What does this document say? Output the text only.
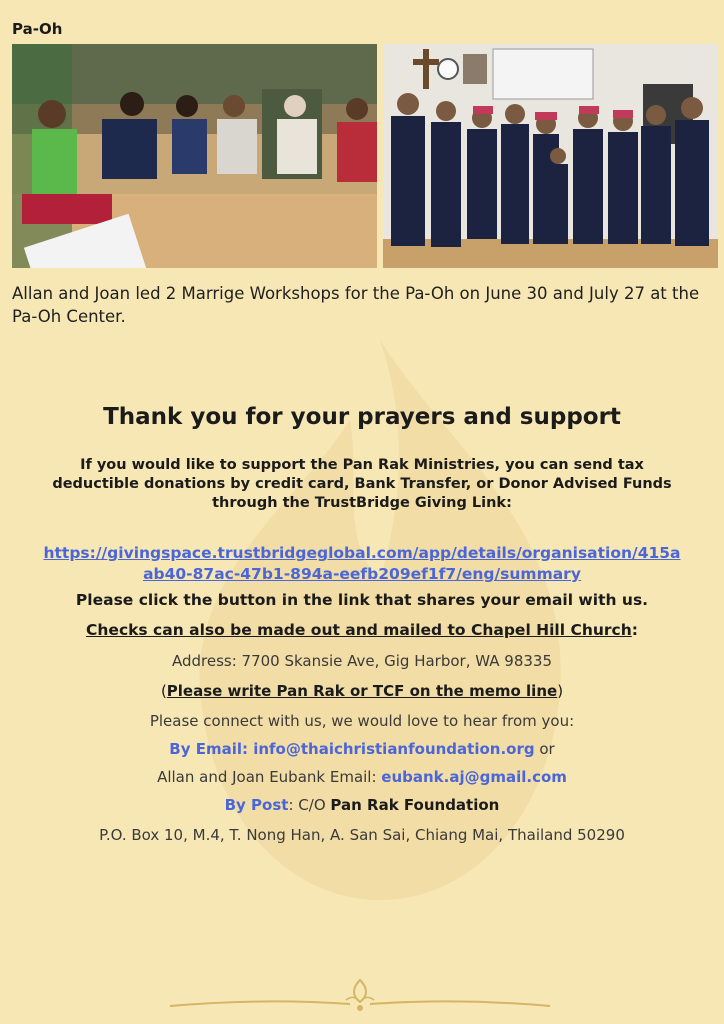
Pa-Oh

Allan and Joan led 2 Marrige Workshops for the Pa-Oh on June 30 and July 27 at the Pa-Oh Center.

Thank you for your prayers and support

If you would like to support the Pan Rak Ministries, you can send tax deductible donations by credit card, Bank Transfer, or Donor Advised Funds
through the TrustBridge Giving Link:

https://givingspace.trustbridgeglobal.com/app/details/organisation/415aab40-87ac-47b1-894a-eefb209ef1f7/eng/summary

Please click the button in the link that shares your email with us.

Checks can also be made out and mailed to Chapel Hill Church:

Address: 7700 Skansie Ave, Gig Harbor, WA 98335

(Please write Pan Rak or TCF on the memo line)

Please connect with us, we would love to hear from you:

By Email: info@thaichristianfoundation.org or

Allan and Joan Eubank Email: eubank.aj@gmail.com

By Post: C/O Pan Rak Foundation

P.O. Box 10, M.4, T. Nong Han, A. San Sai, Chiang Mai, Thailand 50290
